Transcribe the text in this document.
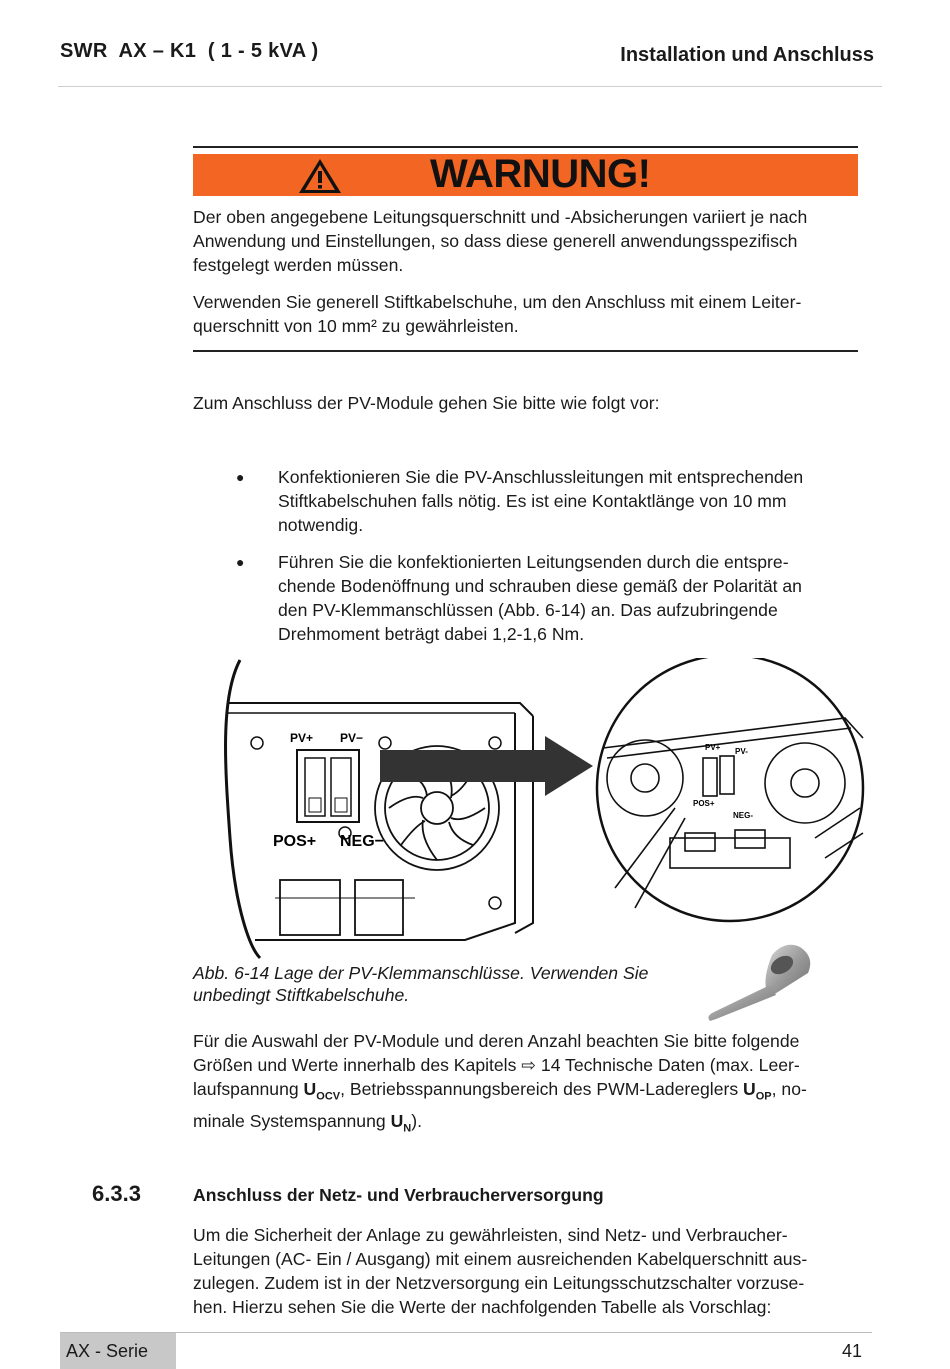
SWR  AX – K1  ( 1 - 5 kVA )	Installation und Anschluss
WARNUNG!
Der oben angegebene Leitungsquerschnitt und -Absicherungen variiert je nach
Anwendung und Einstellungen, so dass diese generell anwendungsspezifisch
festgelegt werden müssen.
Verwenden Sie generell Stiftkabelschuhe, um den Anschluss mit einem Leiter-
querschnitt von 10 mm² zu gewährleisten.
Zum Anschluss der PV-Module gehen Sie bitte wie folgt vor:
● Konfektionieren Sie die PV-Anschlussleitungen mit entsprechenden
Stiftkabelschuhen falls nötig. Es ist eine Kontaktlänge von 10 mm
notwendig.
● Führen Sie die konfektionierten Leitungsenden durch die entspre-
chende Bodenöffnung und schrauben diese gemäß der Polarität an
den PV-Klemmanschlüssen (Abb. 6-14) an. Das aufzubringende
Drehmoment beträgt dabei 1,2-1,6 Nm.
PV+ PV−
POS+ NEG−
PV+ PV-
POS+
NEG-
Abb. 6-14 Lage der PV-Klemmanschlüsse. Verwenden Sie
unbedingt Stiftkabelschuhe.
Für die Auswahl der PV-Module und deren Anzahl beachten Sie bitte folgende
Größen und Werte innerhalb des Kapitels ⇨ 14 Technische Daten (max. Leer-
laufspannung $U_{OCV}$, Betriebsspannungsbereich des PWM-Ladereglers $U_{OP}$, no-
minale Systemspannung $U_N$).
6.3.3	Anschluss der Netz- und Verbraucherversorgung
Um die Sicherheit der Anlage zu gewährleisten, sind Netz- und Verbraucher-
Leitungen (AC- Ein / Ausgang) mit einem ausreichenden Kabelquerschnitt aus-
zulegen. Zudem ist in der Netzversorgung ein Leitungsschutzschalter vorzuse-
hen. Hierzu sehen Sie die Werte der nachfolgenden Tabelle als Vorschlag:
AX - Serie	41
